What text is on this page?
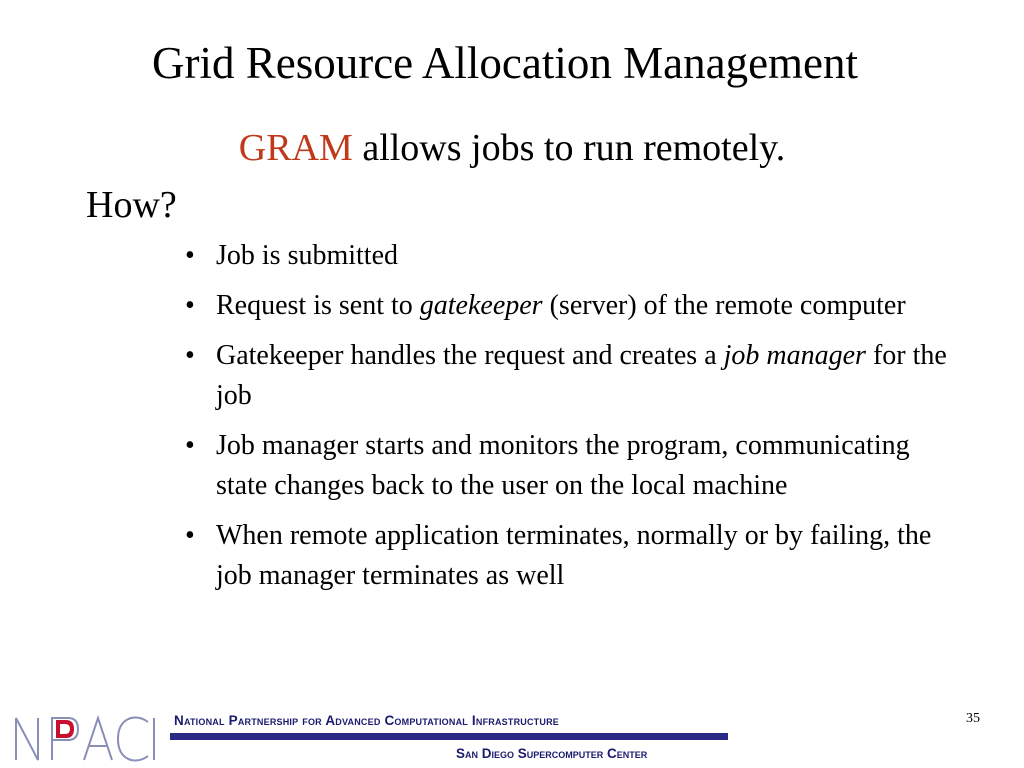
Grid Resource Allocation Management
GRAM allows jobs to run remotely.
How?
• Job is submitted
• Request is sent to gatekeeper (server) of the remote computer
• Gatekeeper handles the request and creates a job manager for the job
• Job manager starts and monitors the program, communicating state changes back to the user on the local machine
• When remote application terminates, normally or by failing, the job manager terminates as well
35
National Partnership for Advanced Computational Infrastructure
San Diego Supercomputer Center
